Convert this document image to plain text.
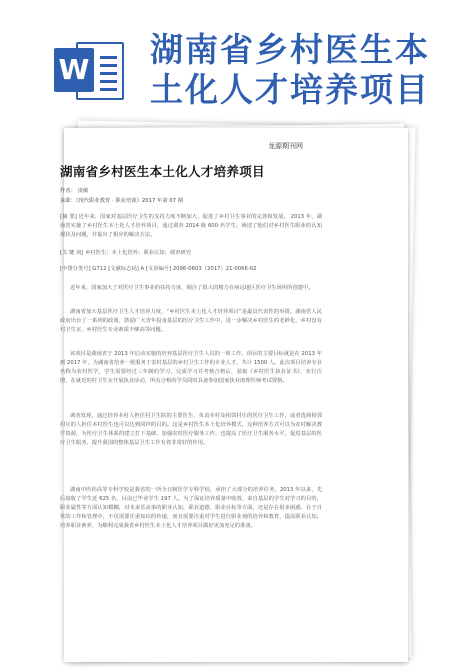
W
湖南省乡村医生本
土化人才培养项目
龙源期刊网
湖南省乡村医生本土化人才培养项目
作者： 凌敏
来源：《现代职业教育 · 职业培训》2017 年第 07 期
[摘 要] 近年来，国家对基层医疗卫生的支持力度不断加大，促进了乡村卫生事业的完善和发展。 2013 年，湖南省实施了乡村医生本土化人才培养项目，通过调查 2014 级 600 名学生，阐述了他们对乡村医生职业的认知现状及问题，并提出了相应的解决方法。
[关 键 词] 乡村医生；本土化培养；职业认知；调查研究
[中图分类号] G712 [文献标志码] A [文章编号] 2096-0603（2017）21-0066-02
近年来，国家加大了对医疗卫生事业的扶持力度，倾注了很大的精力在病远地区医疗卫生场所的创建中。
湖南省加大基层医疗卫生人才培养力度，“乡村医生本土化人才培养项目”是最具代表性的举措。湖南省人民政府出台了一系列的政策，鼓励广大青年投身基层的医疗卫生工作中，进一步解决乡村医生的老龄化、乡村没有村卫生室、乡村医生专业素质不够高等问题。
该项目是湖南省于 2013 年启动实施的培养基层医疗卫生人员的一项工作。项目的主要目标就是在 2013 年到 2017 年，为湖南省培养一批服务于农村基层的乡村卫生工作的专业人才，共计 1500 人。此次项目培养专业名称为农村医学，学生需要经过三年制的学习，完成学习并考核合格后，获取《乡村医生执业证书》，实行注册，在就近的村卫生室开展执业活动，所有合格的学员同时具备参加国家执业助理医师考试资格。
调查发现，通过培养本村人担任村卫生院的主要医生，负责本村及相邻村庄的医疗卫生工作，或者选择相邻村庄的人担任本村医生也可以达到同样的目的。这是乡村医生本土化培养模式，这种培养方式可以为农村解决教学资源，为医疗卫生体系的建立打下基础，加强农村医疗服务工作，也提高了医疗卫生服务水平，促进基层的医疗卫生服务，提升我国的整体基层卫生工作有着非常好的作用。
湖南中医药高等专科学校是我省的一所全日制医学专科学校，承担了大部分的培养任务。2013 年以来，先后接收了学生近 625 名，目前已毕业学生 197 人。为了保证培养质量中收效，来自基层的学生对学习的目的，职业属性等方面认知模糊，对未来乐从事的职业认知，职业道德、职业目标等方面，还是存在很多困惑，在于日常的工作和管理中，不仅需要注重知识的传递，而且需要注重对学生进行职业观的培养和教育，提高职业认知，培养职业素养，为顺利完成我省乡村医生本土化人才培养项目做好更加充足的准备。
